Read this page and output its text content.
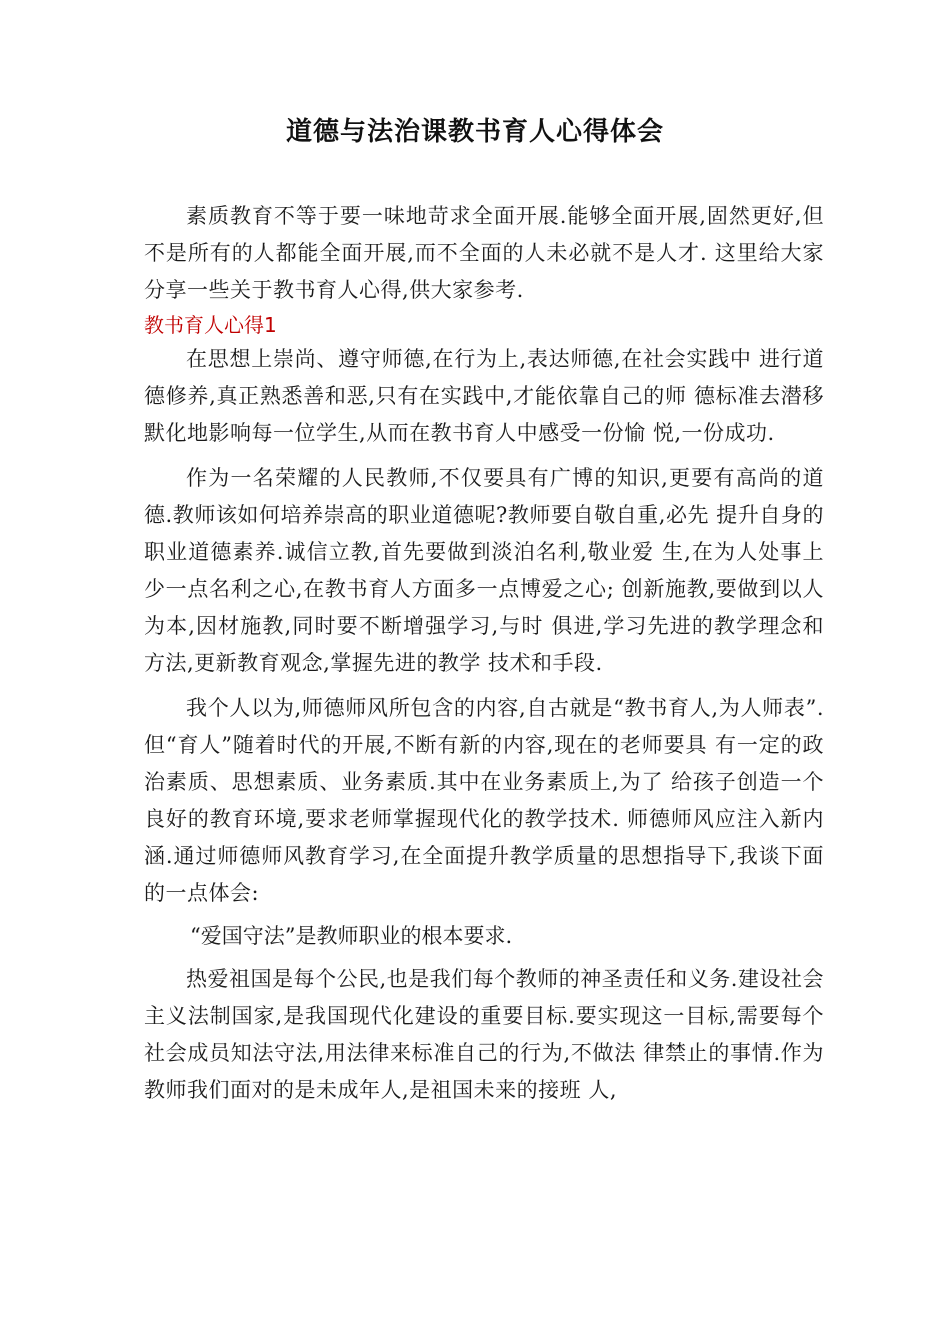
道德与法治课教书育人心得体会

素质教育不等于要一味地苛求全面开展.能够全面开展,固然更好,但不是所有的人都能全面开展,而不全面的人未必就不是人才. 这里给大家分享一些关于教书育人心得,供大家参考.

教书育人心得1

在思想上崇尚、遵守师德,在行为上,表达师德,在社会实践中 进行道德修养,真正熟悉善和恶,只有在实践中,才能依靠自己的师 德标准去潜移默化地影响每一位学生,从而在教书育人中感受一份愉 悦,一份成功.

作为一名荣耀的人民教师,不仅要具有广博的知识,更要有高尚的道德.教师该如何培养崇高的职业道德呢?教师要自敬自重,必先 提升自身的职业道德素养.诚信立教,首先要做到淡泊名利,敬业爱 生,在为人处事上少一点名利之心,在教书育人方面多一点博爱之心; 创新施教,要做到以人为本,因材施教,同时要不断增强学习,与时 俱进,学习先进的教学理念和方法,更新教育观念,掌握先进的教学 技术和手段.

我个人以为,师德师风所包含的内容,自古就是“教书育人,为人师表”.但“育人”随着时代的开展,不断有新的内容,现在的老师要具 有一定的政治素质、思想素质、业务素质.其中在业务素质上,为了 给孩子创造一个良好的教育环境,要求老师掌握现代化的教学技术. 师德师风应注入新内涵.通过师德师风教育学习,在全面提升教学质量的思想指导下,我谈下面的一点体会:

“爱国守法”是教师职业的根本要求.

热爱祖国是每个公民,也是我们每个教师的神圣责任和义务.建设社会主义法制国家,是我国现代化建设的重要目标.要实现这一目标,需要每个社会成员知法守法,用法律来标准自己的行为,不做法 律禁止的事情.作为教师我们面对的是未成年人,是祖国未来的接班 人,
